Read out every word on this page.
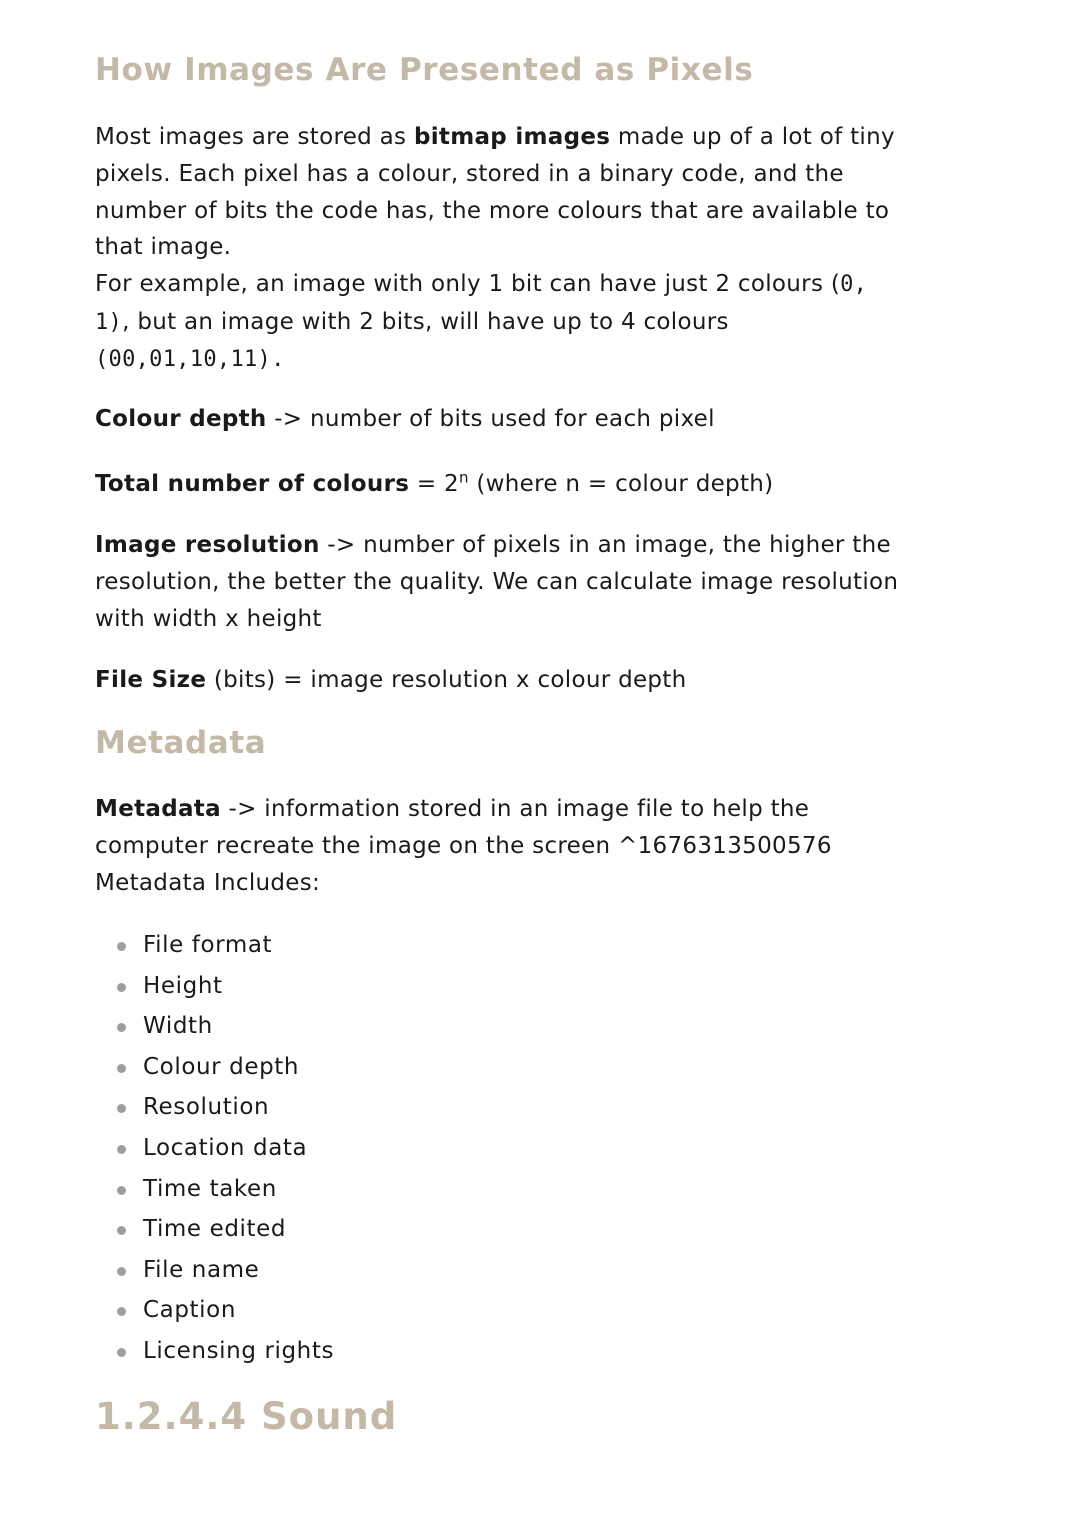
How Images Are Presented as Pixels
Most images are stored as bitmap images made up of a lot of tiny
pixels. Each pixel has a colour, stored in a binary code, and the
number of bits the code has, the more colours that are available to
that image.
For example, an image with only 1 bit can have just 2 colours (0,
1), but an image with 2 bits, will have up to 4 colours
(00,01,10,11).
Colour depth -> number of bits used for each pixel
Total number of colours = $2^n$ (where n = colour depth)
Image resolution -> number of pixels in an image, the higher the
resolution, the better the quality. We can calculate image resolution
with width x height
File Size (bits) = image resolution x colour depth
Metadata
Metadata -> information stored in an image file to help the
computer recreate the image on the screen ^1676313500576
Metadata Includes:
File format
Height
Width
Colour depth
Resolution
Location data
Time taken
Time edited
File name
Caption
Licensing rights
1.2.4.4 Sound
